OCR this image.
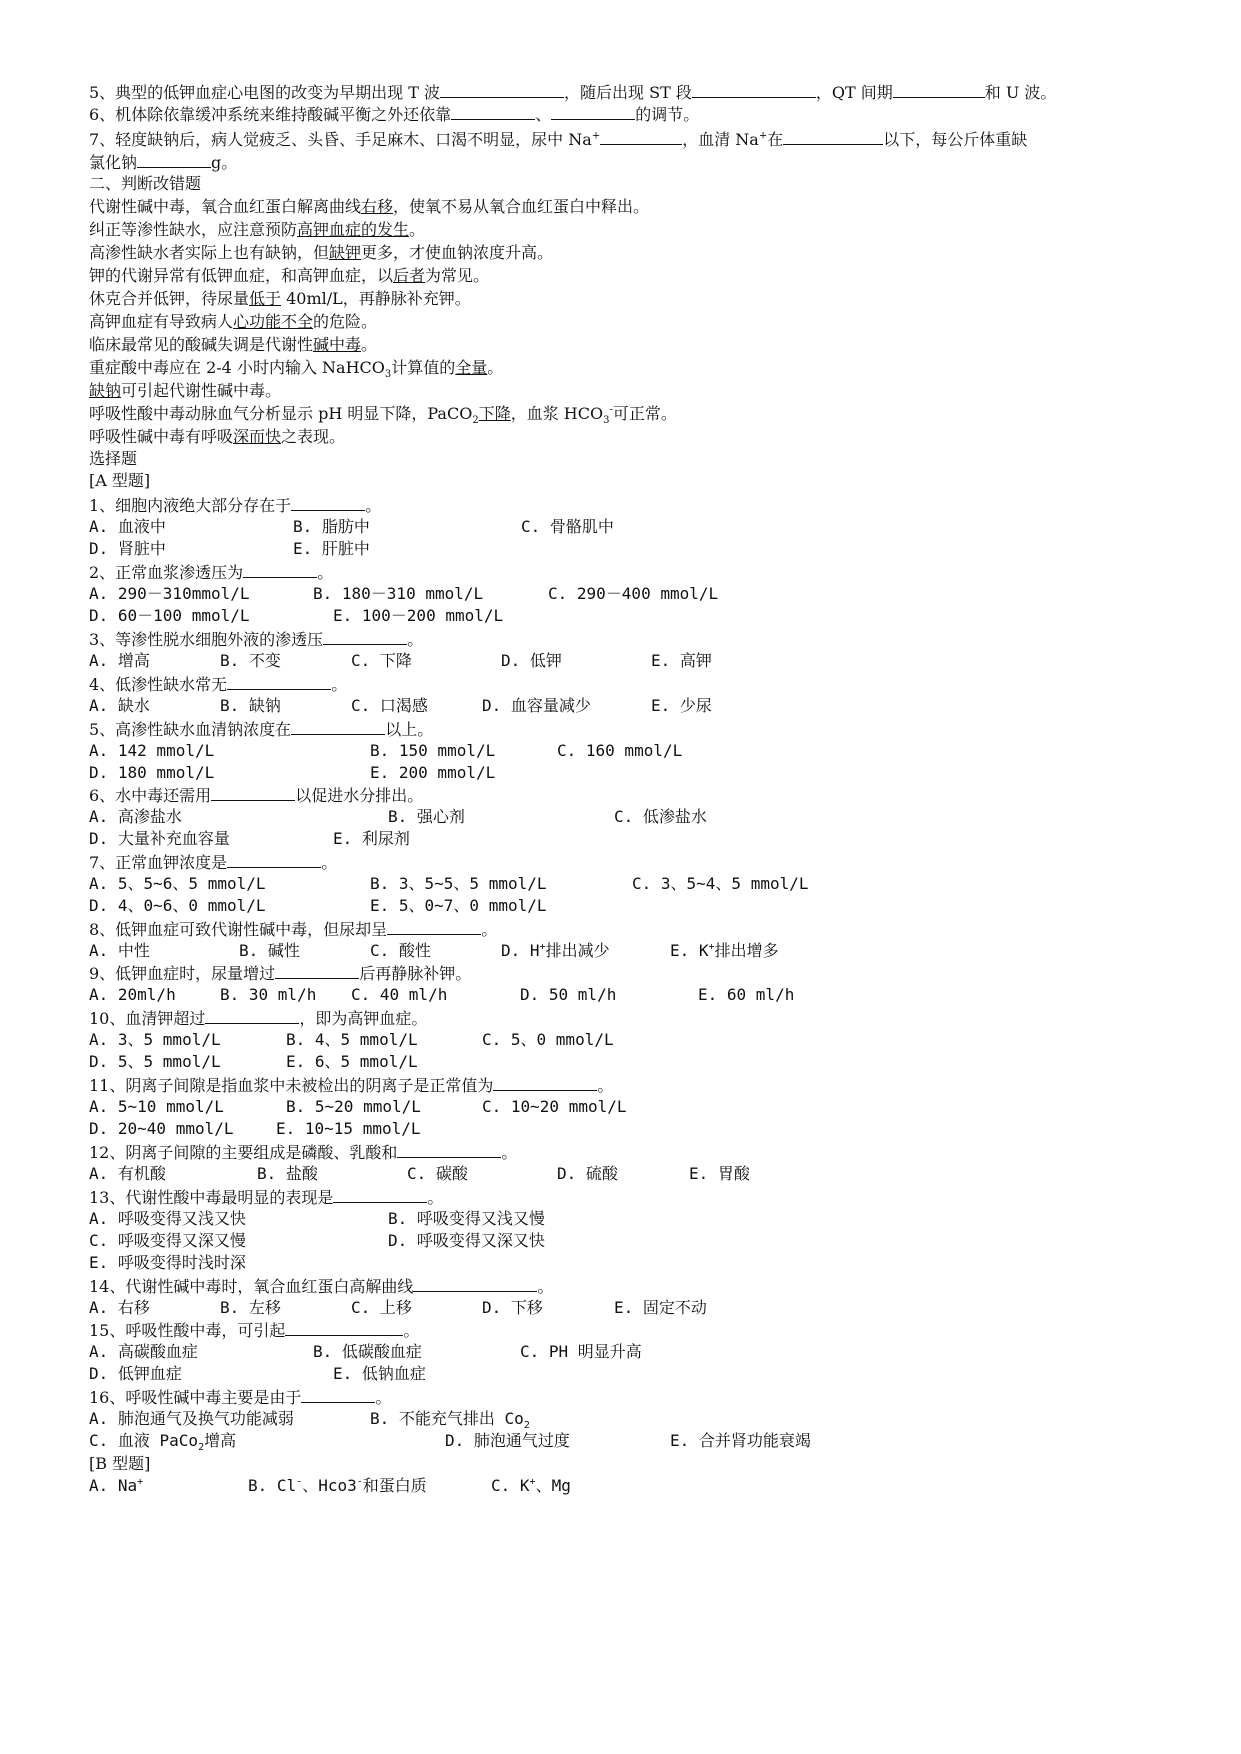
5、典型的低钾血症心电图的改变为早期出现 T 波	，随后出现 ST 段	，QT 间期	和 U 波。
6、机体除依靠缓冲系统来维持酸碱平衡之外还依靠	、	的调节。
7、轻度缺钠后，病人觉疲乏、头昏、手足麻木、口渴不明显，尿中 Na+	，血清 Na+在	以下，每公斤体重缺
氯化钠	g。
二、判断改错题
代谢性碱中毒，氧合血红蛋白解离曲线右移，使氧不易从氧合血红蛋白中释出。
纠正等渗性缺水，应注意预防高钾血症的发生。
高渗性缺水者实际上也有缺钠，但缺钾更多，才使血钠浓度升高。
钾的代谢异常有低钾血症，和高钾血症，以后者为常见。
休克合并低钾，待尿量低于 40ml/L，再静脉补充钾。
高钾血症有导致病人心功能不全的危险。
临床最常见的酸碱失调是代谢性碱中毒。
重症酸中毒应在 2-4 小时内输入 NaHCO$_3$计算值的全量。
缺钠可引起代谢性碱中毒。
呼吸性酸中毒动脉血气分析显示 pH 明显下降，PaCO$_2$下降，血浆 $HCO_3^-$可正常。
呼吸性碱中毒有呼吸深而快之表现。
选择题
[A 型题]
1、细胞内液绝大部分存在于	。
A. 血液中	B. 脂肪中	C. 骨骼肌中
D. 肾脏中	E. 肝脏中
2、正常血浆渗透压为	。
A. 290－310mmol/L	B. 180－310 mmol/L	C. 290－400 mmol/L
D. 60－100 mmol/L	E. 100－200 mmol/L
3、等渗性脱水细胞外液的渗透压	。
A. 增高	B. 不变	C. 下降	D. 低钾	E. 高钾
4、低渗性缺水常无	。
A. 缺水	B. 缺钠	C. 口渴感	D. 血容量减少	E. 少尿
5、高渗性缺水血清钠浓度在	以上。
A. 142 mmol/L	B. 150 mmol/L	C. 160 mmol/L
D. 180 mmol/L	E. 200 mmol/L
6、水中毒还需用	以促进水分排出。
A. 高渗盐水	B. 强心剂	C. 低渗盐水
D. 大量补充血容量	E. 利尿剂
7、正常血钾浓度是	。
A. 5、5~6、5 mmol/L	B. 3、5~5、5 mmol/L	C. 3、5~4、5 mmol/L
D. 4、0~6、0 mmol/L	E. 5、0~7、0 mmol/L
8、低钾血症可致代谢性碱中毒，但尿却呈	。
A. 中性	B. 碱性	C. 酸性	D. H+排出减少	E. K+排出增多
9、低钾血症时，尿量增过	后再静脉补钾。
A. 20ml/h	B. 30 ml/h C. 40 ml/h	D. 50 ml/h	E. 60 ml/h
10、血清钾超过	，即为高钾血症。
A. 3、5 mmol/L	B. 4、5 mmol/L	C. 5、0 mmol/L
D. 5、5 mmol/L	E. 6、5 mmol/L
11、阴离子间隙是指血浆中未被检出的阴离子是正常值为	。
A. 5~10 mmol/L	B. 5~20 mmol/L	C. 10~20 mmol/L
D. 20~40 mmol/L	E. 10~15 mmol/L
12、阴离子间隙的主要组成是磷酸、乳酸和	。
A. 有机酸	B. 盐酸	C. 碳酸	D. 硫酸	E. 胃酸
13、代谢性酸中毒最明显的表现是	。
A. 呼吸变得又浅又快	B. 呼吸变得又浅又慢
C. 呼吸变得又深又慢	D. 呼吸变得又深又快
E. 呼吸变得时浅时深
14、代谢性碱中毒时，氧合血红蛋白高解曲线	。
A. 右移	B. 左移	C. 上移	D. 下移	E. 固定不动
15、呼吸性酸中毒，可引起	。
A. 高碳酸血症	B. 低碳酸血症	C. PH 明显升高
D. 低钾血症	E. 低钠血症
16、呼吸性碱中毒主要是由于	。
A. 肺泡通气及换气功能减弱	B. 不能充气排出 $Co_2$
C. 血液 PaCo$_2$增高	D. 肺泡通气过度	E. 合并肾功能衰竭
[B 型题]
A. Na+	B. Cl-、Hco3-和蛋白质	C. K+、Mg
